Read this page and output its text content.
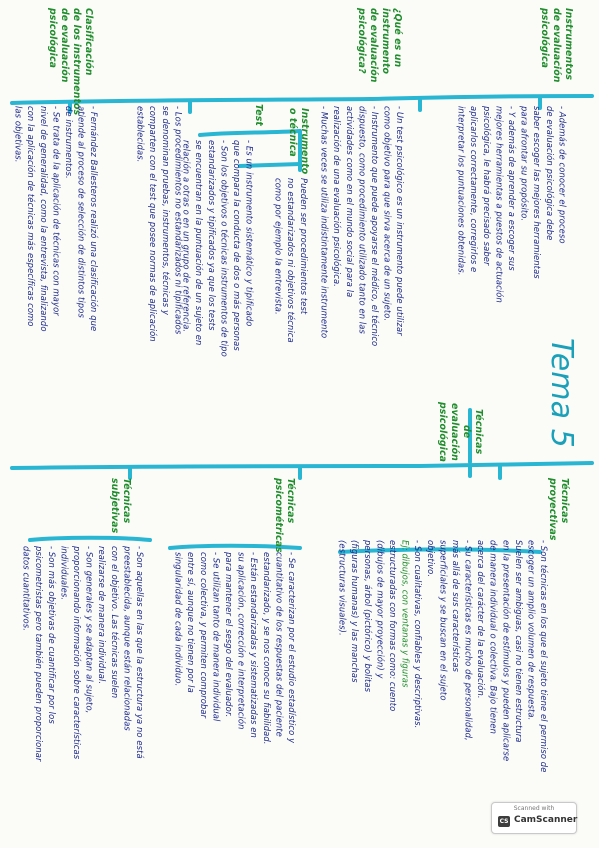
Tema 5
Técnicas
de
evaluación
psicológica
Instrumentos
de evaluación
psicológica
- Además de conocer el proceso
de evaluación psicológica debe
saber escoger las mejores herramientas
para afrontar su propósito.
- Y además de aprender a escoger sus
mejores herramientas a puestos de actuación
psicológica, le habrá precisado saber
aplicarlos correctamente, corregirlos e
interpretar los puntuaciones obtenidas.
¿Qué es un
instrumento
de evaluación
psicológica?
- Un test psicológico es un instrumento puede utilizar
como objetivo para que sirva acerca de un sujeto.
- Instrumento que puede apoyarse el médico, el técnico
dispuesto, como procedimiento utilizado tanto en las
actividades como en el mundo social para la
realización de una evaluación psicológica.
- Muchas veces se utiliza indistintamente instrumento
Instrumento
o técnica
Pueden ser procedimientos test
no estandarizados ni objetivos técnica
como por ejemplo la entrevista.
Test
- Es un instrumento sistemático y tipificado
que compara la conducta de dos o más personas
- Son los objetivos o técnicas instrumentos de tipo
estandarizados y tipificados ya que los tests
se encuentran en la puntuación de un sujeto en
relación a otras o en un grupo de referencia.
- Los procedimientos no estandarizados ni tipificados
se denominan pruebas, instrumentos, técnicas y
comparten con el test que posee normas de aplicación
establecidas.
Clasificación
de los instrumentos
de evaluación
psicológica
- Fernández Ballesteros realizó una clasificación que
atiende al proceso de selección de distintos tipos
de instrumentos.
- Se trata de la aplicación de técnicas con mayor
nivel de generalidad, como la entrevista, finalizando
con la aplicación de técnicas más específicas como
las objetivas.
Técnicas
proyectivas
- Son técnicas en los que el sujeto tiene el permiso de
escoger un amplio volumen de respuesta.
Suelen ser ambiguas, casi no tienen estructura
en la presentación de estímulos y pueden aplicarse
de manera individual o colectiva. Bajo tienen
acerca del carácter de la evaluación.
- Su características es mucho de personalidad,
más allá de sus características
superficiales y se buscan en el sujeto
objetivo.
- Son cualitativas, confiables y descriptivas.
Ej: dibujos, con ventanas y figuras
estructuradas con formas como: cuento
(dibujos de mayor proyección) y
personas, árbol (pictórico) y bolitas
(figuras humanas) y las manchas
(estructuras visuales).
Técnicas
psicométricas
- Se caracterizan por el estudio estadístico y
cuantitativo de los respuestas del paciente
estandarizado, y se nos conoce su fiabilidad.
- Están estandarizadas y sistematizadas en
su aplicación, corrección e interpretación
para mantener el sesgo del evaluador.
- Se utilizan tanto de manera individual
como colectiva, y permiten comprobar
entre sí, aunque no tienen por la
singularidad de cada individuo.
Técnicas
subjetivas
- Son aquellas en las que la estructura ya no está
preestablecida, aunque están relacionadas
con el objetivo. Las técnicas suelen
realizarse de manera individual.
- Son generales y se adaptan al sujeto,
proporcionando información sobre características
individuales.
- Son más objetivas de cuantificar por los
psicometristas pero también pueden proporcionar
datos cuantitativos.
Scanned with
CS CamScanner
